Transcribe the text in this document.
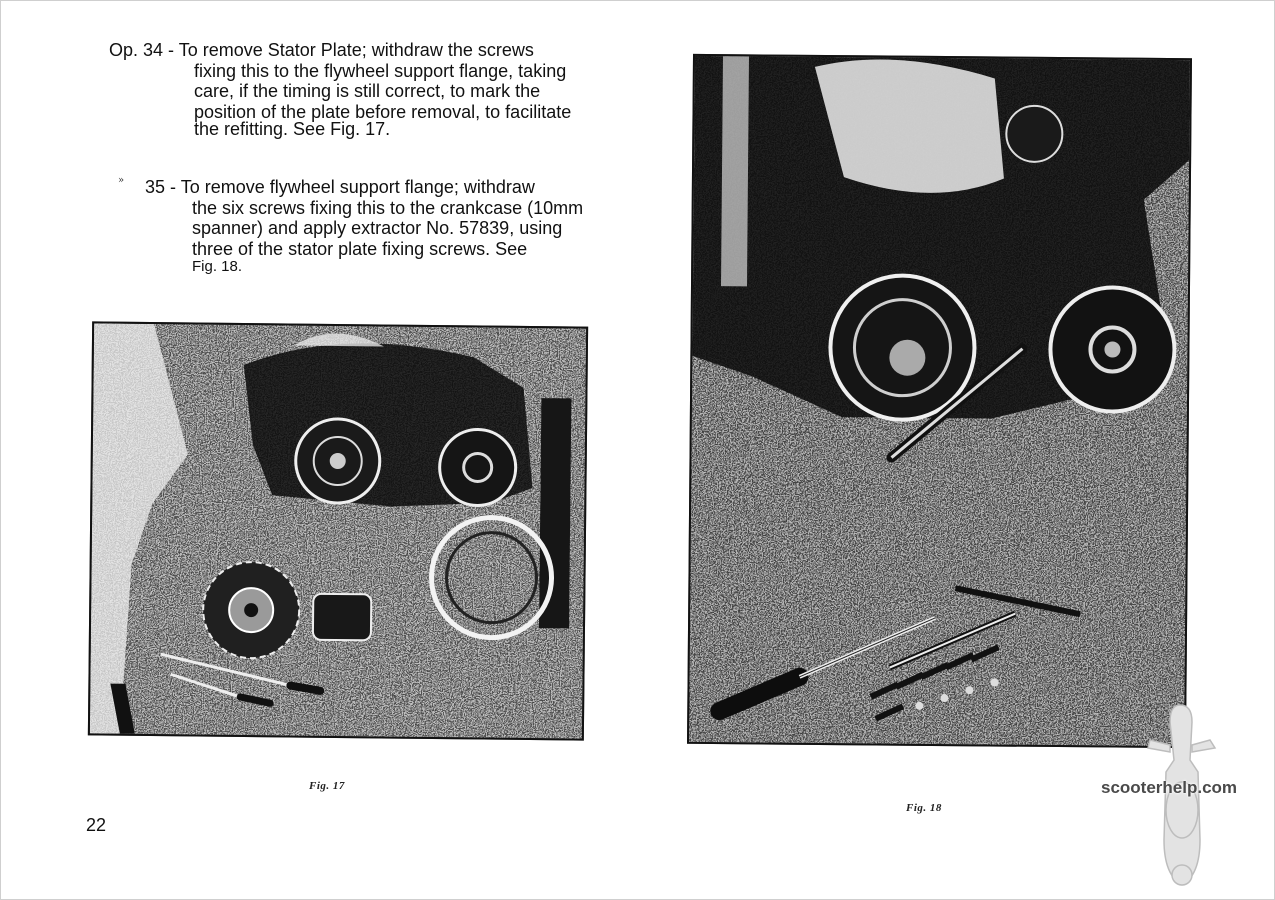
Op. 34 - To remove Stator Plate; withdraw the screws
fixing this to the flywheel support flange, taking
care, if the timing is still correct, to mark the
position of the plate before removal, to facilitate
the refitting. See Fig. 17.
» 35 - To remove flywheel support flange; withdraw
the six screws fixing this to the crankcase (10mm
spanner) and apply extractor No. 57839, using
three of the stator plate fixing screws. See
Fig. 18.
Fig. 17
Fig. 18
22
scooterhelp.com
